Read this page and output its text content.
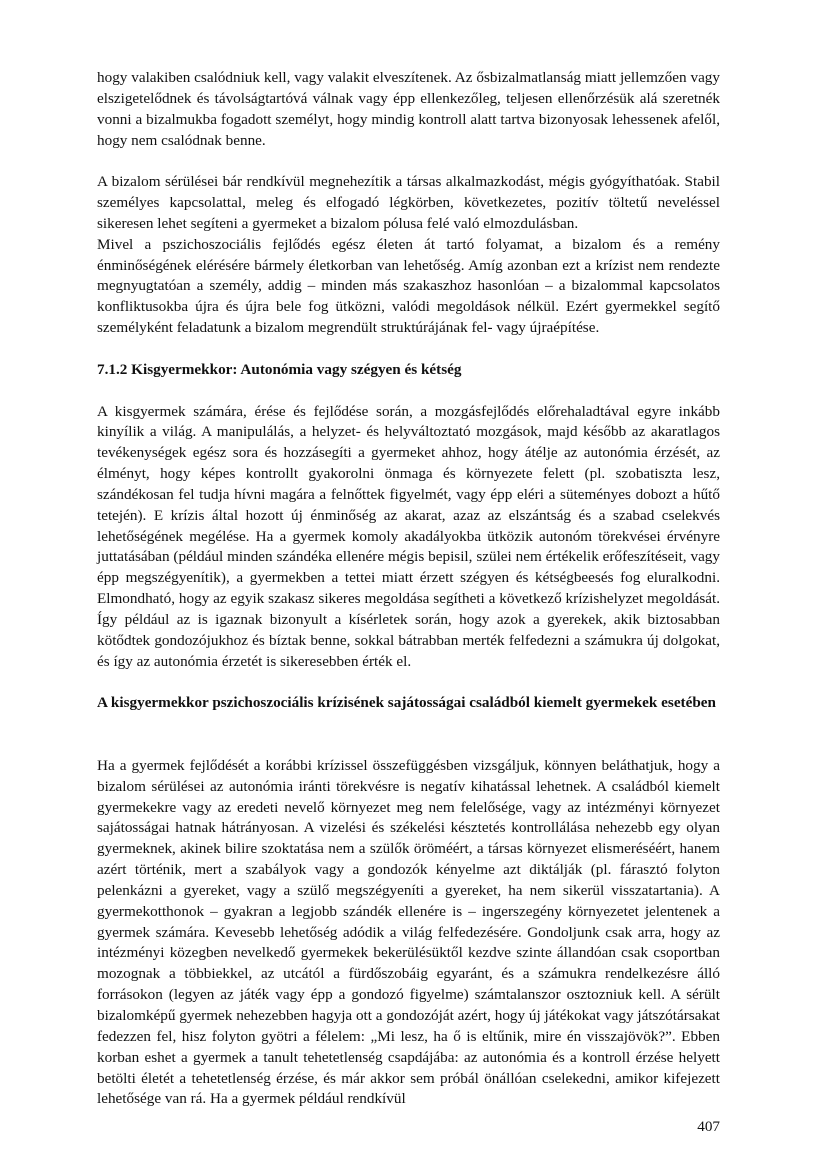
hogy valakiben csalódniuk kell, vagy valakit elveszítenek. Az ősbizalmatlanság miatt jellemzően vagy elszigetelődnek és távolságtartóvá válnak vagy épp ellenkezőleg, teljesen ellenőrzésük alá szeretnék vonni a bizalmukba fogadott személyt, hogy mindig kontroll alatt tartva bizonyosak lehessenek afelől, hogy nem csalódnak benne.

A bizalom sérülései bár rendkívül megnehezítik a társas alkalmazkodást, mégis gyógyíthatóak. Stabil személyes kapcsolattal, meleg és elfogadó légkörben, következetes, pozitív töltetű neveléssel sikeresen lehet segíteni a gyermeket a bizalom pólusa felé való elmozdulásban.

Mivel a pszichoszociális fejlődés egész életen át tartó folyamat, a bizalom és a remény énminőségének elérésére bármely életkorban van lehetőség. Amíg azonban ezt a krízist nem rendezte megnyugtatóan a személy, addig – minden más szakaszhoz hasonlóan – a bizalommal kapcsolatos konfliktusokba újra és újra bele fog ütközni, valódi megoldások nélkül. Ezért gyermekkel segítő személyként feladatunk a bizalom megrendült struktúrájának fel- vagy újraépítése.

7.1.2 Kisgyermekkor: Autonómia vagy szégyen és kétség

A kisgyermek számára, érése és fejlődése során, a mozgásfejlődés előrehaladtával egyre inkább kinyílik a világ. A manipulálás, a helyzet- és helyváltoztató mozgások, majd később az akaratlagos tevékenységek egész sora és hozzásegíti a gyermeket ahhoz, hogy átélje az autonómia érzését, az élményt, hogy képes kontrollt gyakorolni önmaga és környezete felett (pl. szobatiszta lesz, szándékosan fel tudja hívni magára a felnőttek figyelmét, vagy épp eléri a süteményes dobozt a hűtő tetején). E krízis által hozott új énminőség az akarat, azaz az elszántság és a szabad cselekvés lehetőségének megélése. Ha a gyermek komoly akadályokba ütközik autonóm törekvései érvényre juttatásában (például minden szándéka ellenére mégis bepisil, szülei nem értékelik erőfeszítéseit, vagy épp megszégyenítik), a gyermekben a tettei miatt érzett szégyen és kétségbeesés fog eluralkodni. Elmondható, hogy az egyik szakasz sikeres megoldása segítheti a következő krízishelyzet megoldását. Így például az is igaznak bizonyult a kísérletek során, hogy azok a gyerekek, akik biztosabban kötődtek gondozójukhoz és bíztak benne, sokkal bátrabban merték felfedezni a számukra új dolgokat, és így az autonómia érzetét is sikeresebben érték el.

A kisgyermekkor pszichoszociális krízisének sajátosságai családból kiemelt gyermekek esetében

Ha a gyermek fejlődését a korábbi krízissel összefüggésben vizsgáljuk, könnyen beláthatjuk, hogy a bizalom sérülései az autonómia iránti törekvésre is negatív kihatással lehetnek. A családból kiemelt gyermekekre vagy az eredeti nevelő környezet meg nem felelősége, vagy az intézményi környezet sajátosságai hatnak hátrányosan. A vizelési és székelési késztetés kontrollálása nehezebb egy olyan gyermeknek, akinek bilire szoktatása nem a szülők öröméért, a társas környezet elismeréséért, hanem azért történik, mert a szabályok vagy a gondozók kényelme azt diktálják (pl. fárasztó folyton pelenkázni a gyereket, vagy a szülő megszégyeníti a gyereket, ha nem sikerül visszatartania). A gyermekotthonok – gyakran a legjobb szándék ellenére is – ingerszegény környezetet jelentenek a gyermek számára. Kevesebb lehetőség adódik a világ felfedezésére. Gondoljunk csak arra, hogy az intézményi közegben nevelkedő gyermekek bekerülésüktől kezdve szinte állandóan csak csoportban mozognak a többiekkel, az utcától a fürdőszobáig egyaránt, és a számukra rendelkezésre álló forrásokon (legyen az játék vagy épp a gondozó figyelme) számtalanszor osztozniuk kell. A sérült bizalomképű gyermek nehezebben hagyja ott a gondozóját azért, hogy új játékokat vagy játszótársakat fedezzen fel, hisz folyton gyötri a félelem: „Mi lesz, ha ő is eltűnik, mire én visszajövök?”. Ebben korban eshet a gyermek a tanult tehetetlenség csapdájába: az autonómia és a kontroll érzése helyett betölti életét a tehetetlenség érzése, és már akkor sem próbál önállóan cselekedni, amikor kifejezett lehetősége van rá. Ha a gyermek például rendkívül

407
